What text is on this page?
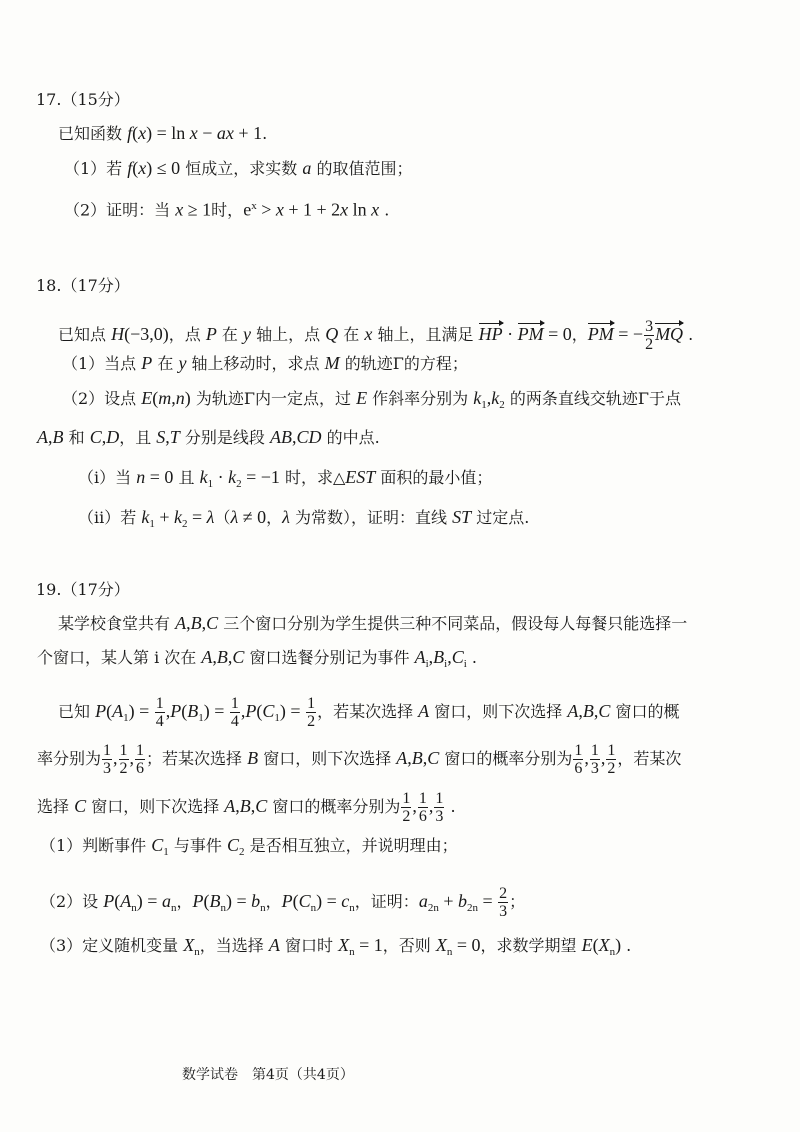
17.（15分）
已知函数 f(x) = ln x − ax + 1.
（1）若 f(x) ≤ 0 恒成立，求实数 a 的取值范围；
（2）证明：当 x ≥ 1时，$e^x > x + 1 + 2x$ ln x .
18.（17分）
已知点 H(−3,0)，点 P 在 y 轴上，点 Q 在 x 轴上，且满足 HP · PM = 0，PM = − $\frac{3}{2}$ MQ .
（1）当点 P 在 y 轴上移动时，求点 M 的轨迹Γ的方程；
（2）设点 E(m,n) 为轨迹Γ内一定点，过 E 作斜率分别为 $k_1,k_2$ 的两条直线交轨迹Γ于点
A,B 和 C,D，且 S,T 分别是线段 AB,CD 的中点.
（i）当 n = 0 且 $k_1 \cdot k_2 = -1$ 时，求△EST 面积的最小值；
（ii）若 $k_1 + k_2 = \lambda(\lambda \ne 0$，λ 为常数），证明：直线 ST 过定点.
19.（17分）
某学校食堂共有 A,B,C 三个窗口分别为学生提供三种不同菜品，假设每人每餐只能选择一
个窗口，某人第 i 次在 A,B,C 窗口选餐分别记为事件 $A_i,B_i,C_i$ .
已知 $P(A_1) = \frac{1}{4} ,P(B_1) = \frac{1}{4} ,P(C_1) = \frac{1}{2}$ ，若某次选择 A 窗口，则下次选择 A,B,C 窗口的概
率分别为 $\frac{1}{3}$ , $\frac{1}{2}$ , $\frac{1}{6}$ ；若某次选择 B 窗口，则下次选择 A,B,C 窗口的概率分别为 $\frac{1}{6}$ , $\frac{1}{3}$ , $\frac{1}{2}$ ，若某次
选择 C 窗口，则下次选择 A,B,C 窗口的概率分别为 $\frac{1}{2}$ , $\frac{1}{6}$ , $\frac{1}{3}$ .
（1）判断事件 $C_1$ 与事件 $C_2$ 是否相互独立，并说明理由；
（2）设 $P(A_n) = a_n$，$P(B_n) = b_n$，$P(C_n) = c_n$，证明：$a_{2n} + b_{2n} = \frac{2}{3}$ ；
（3）定义随机变量 $X_n$，当选择 A 窗口时 $X_n = 1$，否则 $X_n = 0$，求数学期望 $E(X_n)$ .
数学试卷　第4页（共4页）
